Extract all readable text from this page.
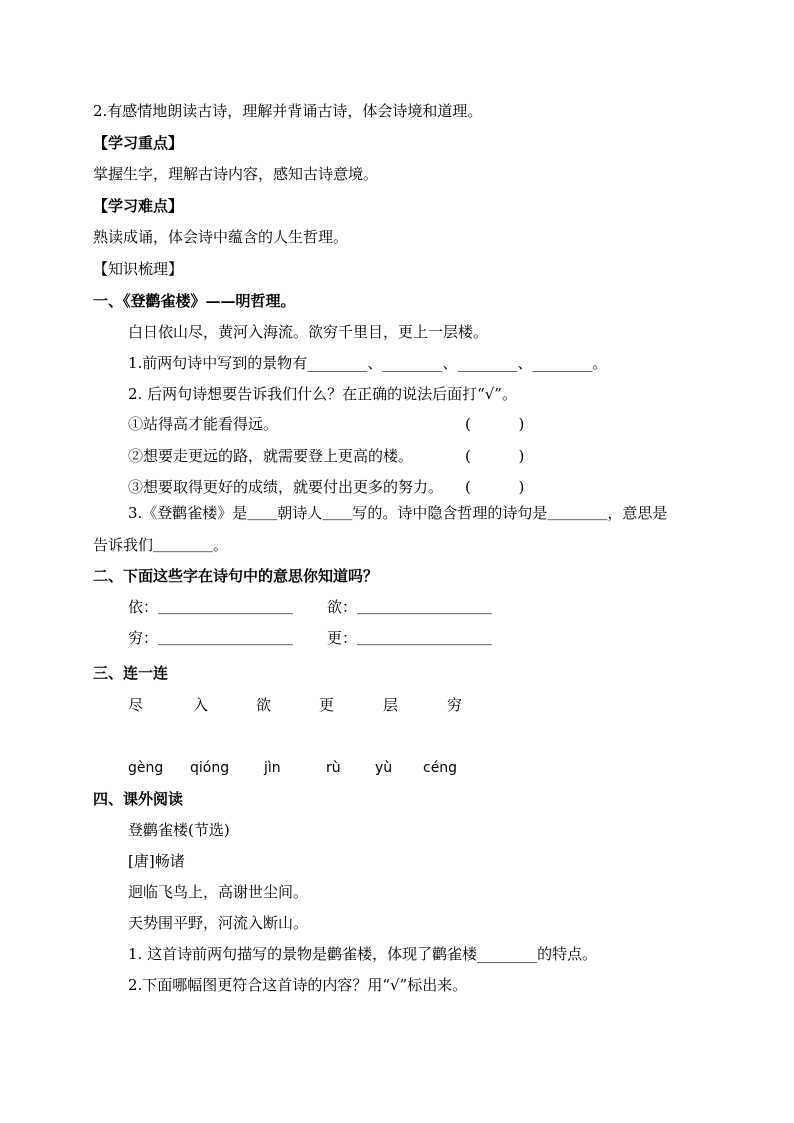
2.有感情地朗读古诗，理解并背诵古诗，体会诗境和道理。
【学习重点】
掌握生字，理解古诗内容，感知古诗意境。
【学习难点】
熟读成诵，体会诗中蕴含的人生哲理。
【知识梳理】
一、《登鹳雀楼》——明哲理。
白日依山尽，黄河入海流。欲穷千里目，更上一层楼。
1.前两句诗中写到的景物有________、________、________、________。
2. 后两句诗想要告诉我们什么？在正确的说法后面打“√”。
①站得高才能看得远。	(          )
②想要走更远的路，就需要登上更高的楼。	(          )
③想要取得更好的成绩，就要付出更多的努力。 (          )
3.《登鹳雀楼》是＿＿朝诗人＿＿写的。诗中隐含哲理的诗句是＿＿＿＿，意思是
告诉我们＿＿＿＿。
二、下面这些字在诗句中的意思你知道吗？
依：＿＿＿＿＿＿＿＿＿ 欲：＿＿＿＿＿＿＿＿＿
穷：＿＿＿＿＿＿＿＿＿ 更：＿＿＿＿＿＿＿＿＿
三、连一连
尽	入	欲	更	层	穷
gèng qióng jìn	rù yù céng
四、课外阅读
登鹳雀楼(节选)
[唐]畅诸
迥临飞鸟上，高谢世尘间。
天势围平野，河流入断山。
1. 这首诗前两句描写的景物是鹳雀楼，体现了鹳雀楼________的特点。
2.下面哪幅图更符合这首诗的内容？用“√”标出来。
